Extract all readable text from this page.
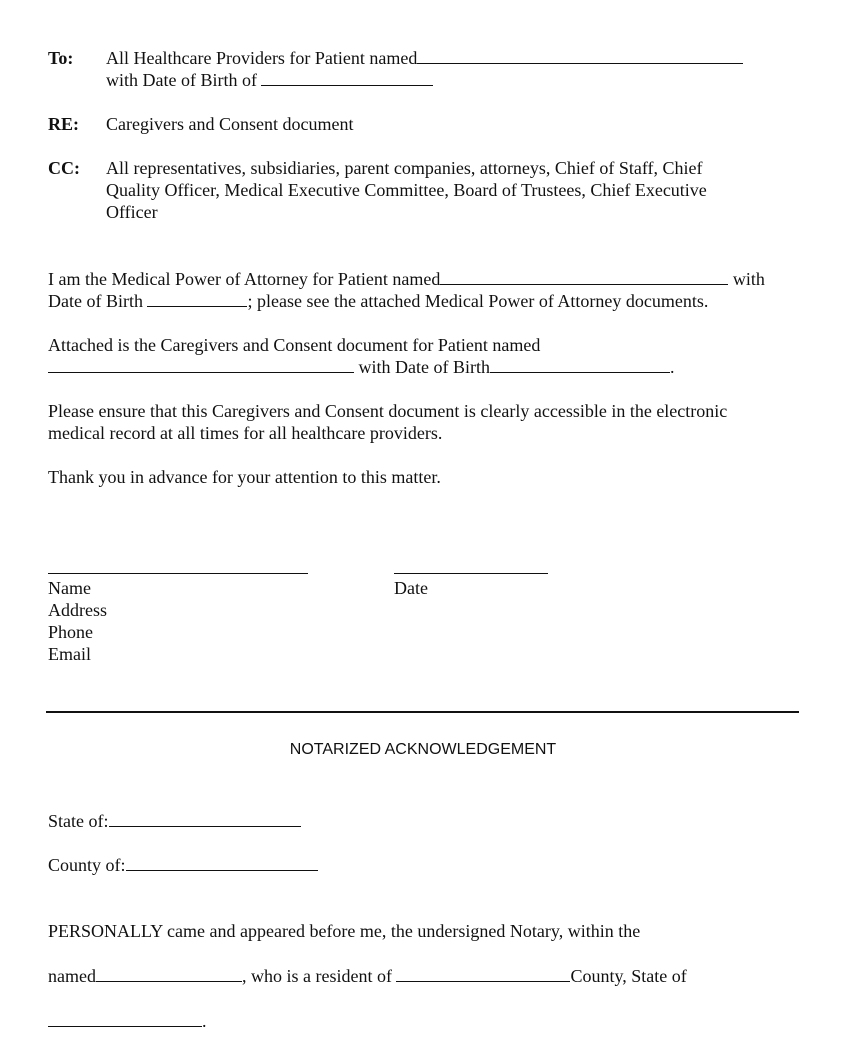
To: All Healthcare Providers for Patient named
with Date of Birth of
RE: Caregivers and Consent document
CC: All representatives, subsidiaries, parent companies, attorneys, Chief of Staff, Chief
Quality Officer, Medical Executive Committee, Board of Trustees, Chief Executive
Officer
I am the Medical Power of Attorney for Patient named	with
Date of Birth	; please see the attached Medical Power of Attorney documents.
Attached is the Caregivers and Consent document for Patient named
with Date of Birth	.
Please ensure that this Caregivers and Consent document is clearly accessible in the electronic
medical record at all times for all healthcare providers.
Thank you in advance for your attention to this matter.
Name	Date
Address
Phone
Email
NOTARIZED ACKNOWLEDGEMENT
State of:
County of:
PERSONALLY came and appeared before me, the undersigned Notary, within the
named	, who is a resident of	County, State of
.
